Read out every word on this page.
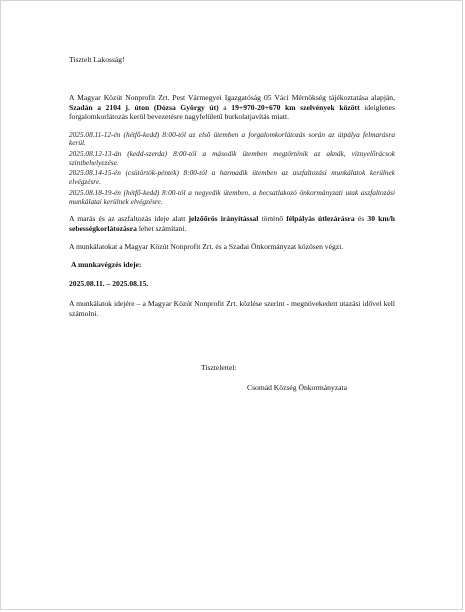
Tisztelt Lakosság!

A Magyar Közút Nonprofit Zrt. Pest Vármegyei Igazgatóság 05 Váci Mérnökség tájékoztatása alapján, Szadán a 2104 j. úton (Dózsa György út) a 19+970-20+670 km szelvények között ideiglenes forgalomkorlátozás kerül bevezetésre nagyfelületű burkolatjavítás miatt.

2025.08.11-12-én (hétfő-kedd) 8:00-tól az első ütemben a forgalomkorlátozás során az útpálya felmarásra kerül.

2025.08.12-13-án (kedd-szerda) 8:00-tól a második ütemben megtörténik az aknák, víznyelőrácsok szintbehelyezése.

2025.08.14-15-én (csütörtök-péntek) 8:00-tól a harmadik ütemben az aszfaltozási munkálatok kerülnek elvégzésre.

2025.08.18-19-én (hétfő-kedd) 8:00-tól a negyedik ütemben, a becsatlakozó önkormányzati utak aszfaltozási munkálatai kerülnek elvégzésre.

A marás és az aszfaltozás ideje alatt jelzőőrös irányítással történő félpályás útlezárásra és 30 km/h sebességkorlátozásra lehet számítani.

A munkálatokat a Magyar Közút Nonprofit Zrt. és a Szadai Önkormányzat közösen végzi.

A munkavégzés ideje:

2025.08.11. – 2025.08.15.

A munkálatok idejére – a Magyar Közút Nonprofit Zrt. közlése szerint - megnövekedett utazási idővel kell számolni.

Tisztelettel:
Csomád Község Önkormányzata
